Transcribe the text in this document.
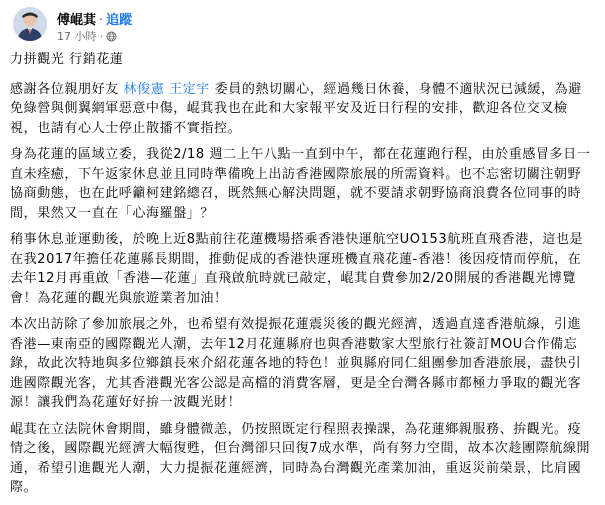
傅崐萁 · 追蹤
17 小時 ·

力拼觀光 行銷花蓮

感謝各位親朋好友 林俊憲 王定宇 委員的熱切關心，經過幾日休養，身體不適狀況已減緩，為避免綠營與側翼網軍惡意中傷，崐萁我也在此和大家報平安及近日行程的安排，歡迎各位交叉檢視，也請有心人士停止散播不實指控。

身為花蓮的區域立委，我從2/18 週二上午八點一直到中午，都在花蓮跑行程，由於重感冒多日一直未痊癒，下午返家休息並且同時準備晚上出訪香港國際旅展的所需資料。也不忘密切關注朝野協商動態，也在此呼籲柯建銘總召，既然無心解決問題，就不要請求朝野協商浪費各位同事的時間，果然又一直在「心海羅盤」？

稍事休息並運動後，於晚上近8點前往花蓮機場搭乘香港快運航空UO153航班直飛香港，這也是在我2017年擔任花蓮縣長期間，推動促成的香港快運班機直飛花蓮-香港！後因疫情而停航，在去年12月再重啟「香港—花蓮」直飛啟航時就已敲定，崐萁自費參加2/20開展的香港觀光博覽會！為花蓮的觀光與旅遊業者加油！

本次出訪除了參加旅展之外，也希望有效提振花蓮震災後的觀光經濟，透過直達香港航線，引進香港—東南亞的國際觀光人潮，去年12月花蓮縣府也與香港數家大型旅行社簽訂MOU合作備忘錄，故此次特地與多位鄉鎮長來介紹花蓮各地的特色！並與縣府同仁組團參加香港旅展，盡快引進國際觀光客，尤其香港觀光客公認是高檔的消費客層，更是全台灣各縣市都極力爭取的觀光客源！讓我們為花蓮好好拚一波觀光財！

崐萁在立法院休會期間，雖身體微恙，仍按照既定行程照表操課，為花蓮鄉親服務、拚觀光。疫情之後，國際觀光經濟大幅復甦，但台灣卻只回復7成水準，尚有努力空間，故本次趁團際航線開通，希望引進觀光人潮，大力提振花蓮經濟，同時為台灣觀光產業加油，重返災前榮景，比肩國際。
